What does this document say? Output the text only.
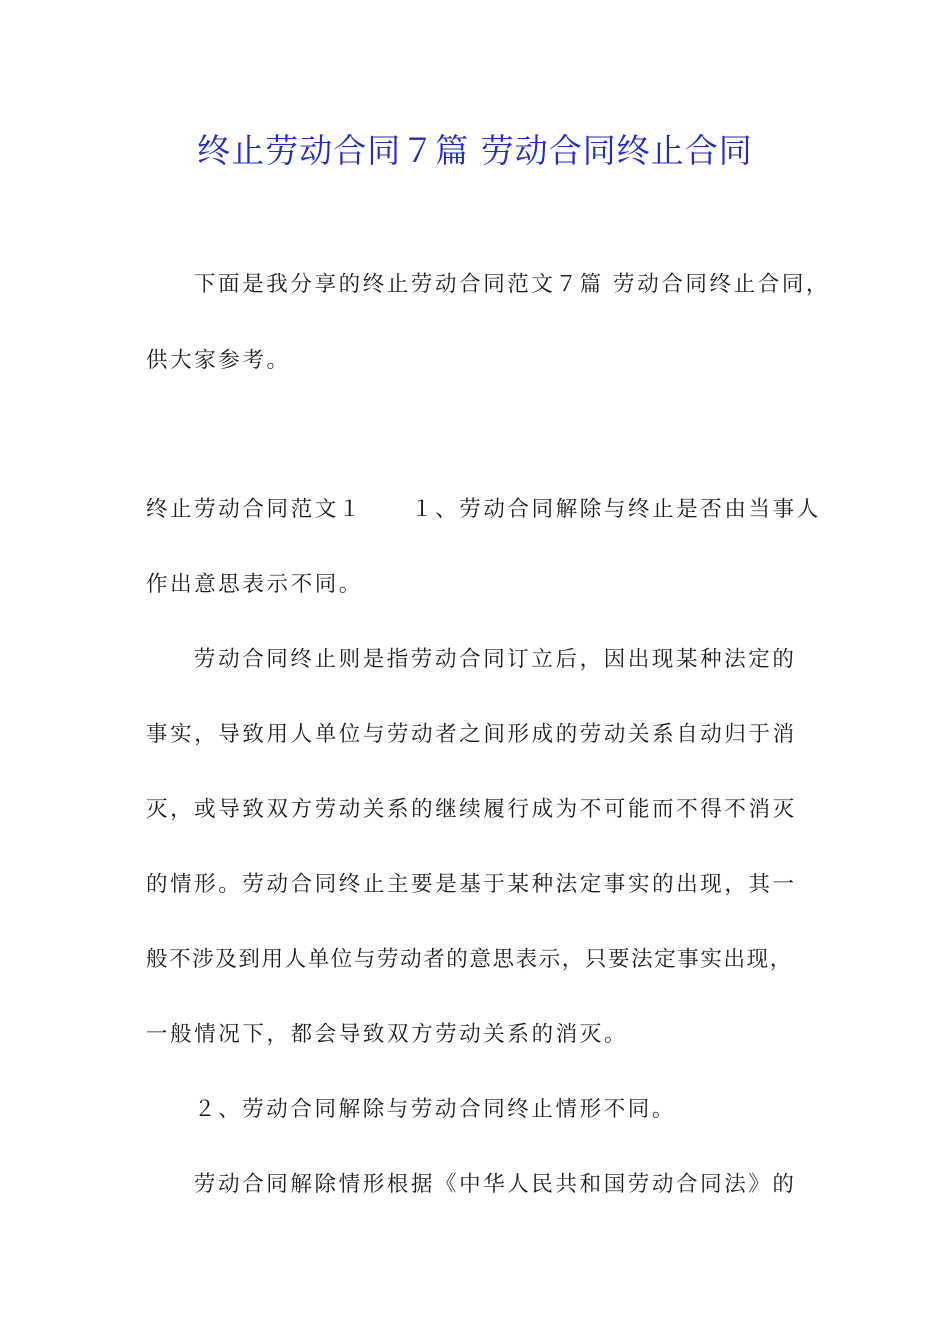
终止劳动合同７篇 劳动合同终止合同

下面是我分享的终止劳动合同范文７篇 劳动合同终止合同，

供大家参考。

终止劳动合同范文１　　１、劳动合同解除与终止是否由当事人

作出意思表示不同。

劳动合同终止则是指劳动合同订立后，因出现某种法定的

事实，导致用人单位与劳动者之间形成的劳动关系自动归于消

灭，或导致双方劳动关系的继续履行成为不可能而不得不消灭

的情形。劳动合同终止主要是基于某种法定事实的出现，其一

般不涉及到用人单位与劳动者的意思表示，只要法定事实出现，

一般情况下，都会导致双方劳动关系的消灭。

２、劳动合同解除与劳动合同终止情形不同。

劳动合同解除情形根据《中华人民共和国劳动合同法》的
